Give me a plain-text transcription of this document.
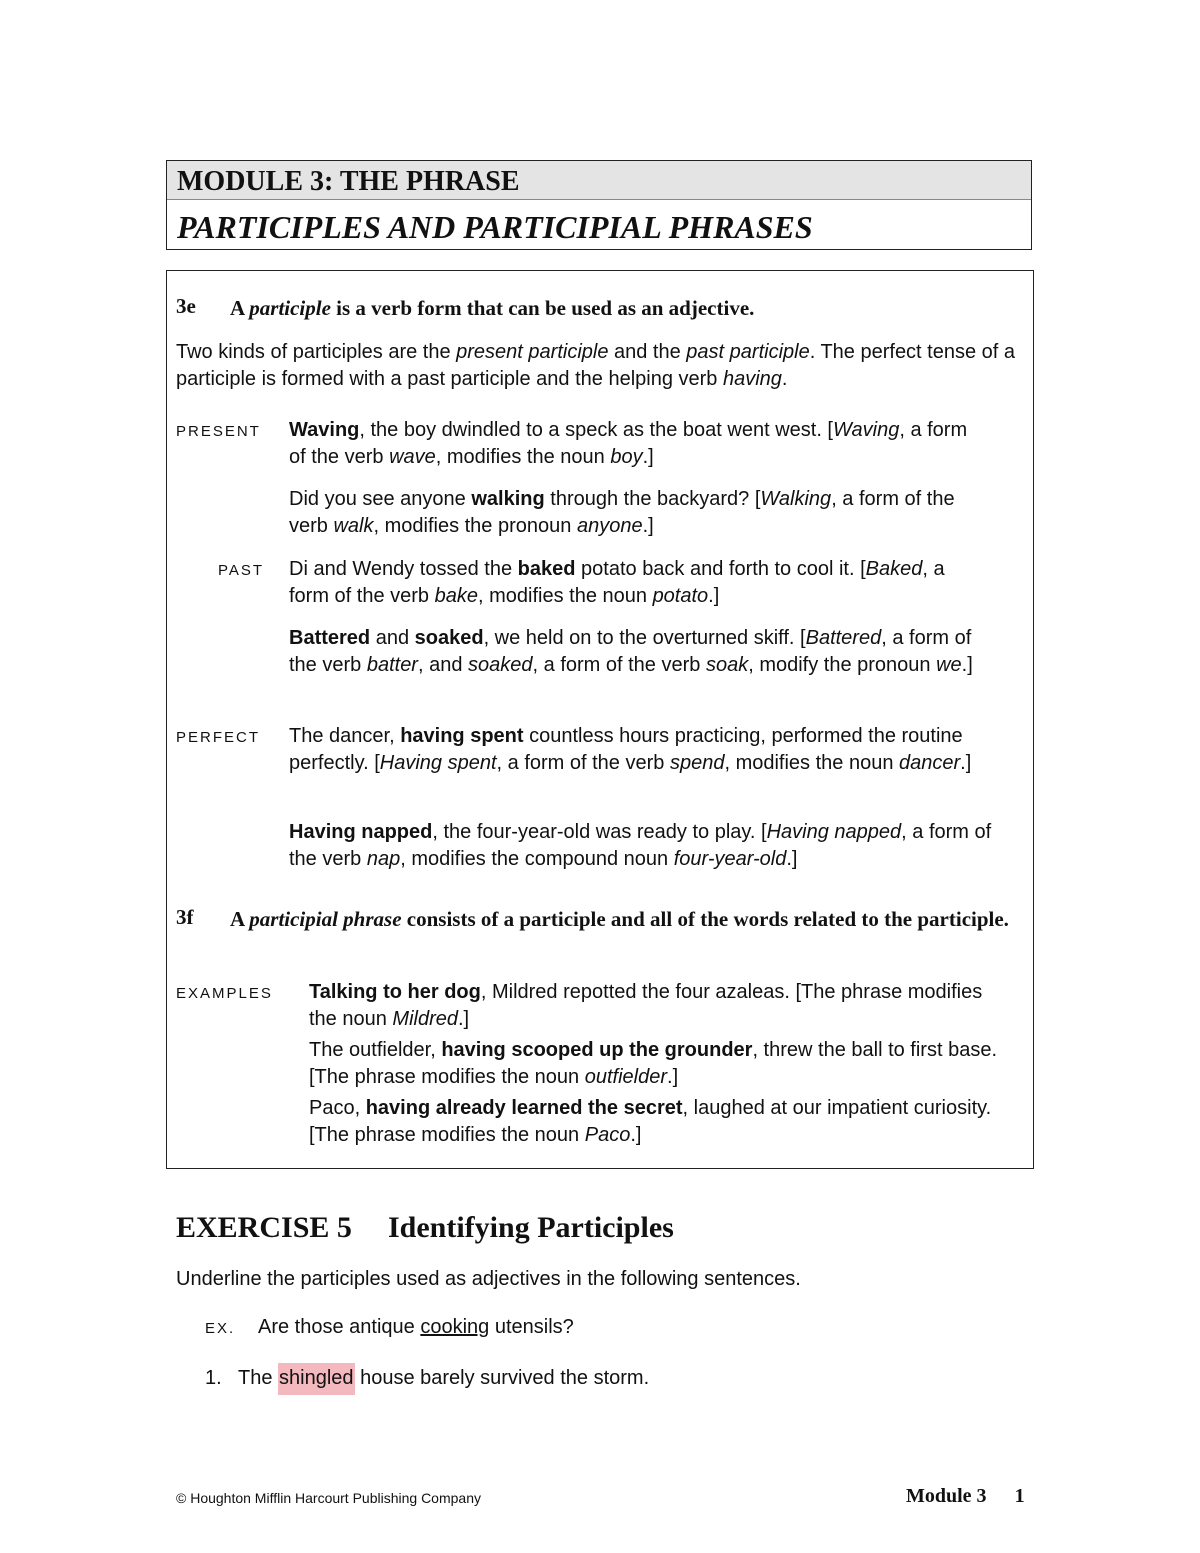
MODULE 3: THE PHRASE
PARTICIPLES AND PARTICIPIAL PHRASES
3e A participle is a verb form that can be used as an adjective.
Two kinds of participles are the present participle and the past participle. The perfect tense of a participle is formed with a past participle and the helping verb having.
PRESENT Waving, the boy dwindled to a speck as the boat went west. [Waving, a form of the verb wave, modifies the noun boy.]
Did you see anyone walking through the backyard? [Walking, a form of the verb walk, modifies the pronoun anyone.]
PAST Di and Wendy tossed the baked potato back and forth to cool it. [Baked, a form of the verb bake, modifies the noun potato.]
Battered and soaked, we held on to the overturned skiff. [Battered, a form of the verb batter, and soaked, a form of the verb soak, modify the pronoun we.]
PERFECT The dancer, having spent countless hours practicing, performed the routine perfectly. [Having spent, a form of the verb spend, modifies the noun dancer.]
Having napped, the four-year-old was ready to play. [Having napped, a form of the verb nap, modifies the compound noun four-year-old.]
3f A participial phrase consists of a participle and all of the words related to the participle.
EXAMPLES Talking to her dog, Mildred repotted the four azaleas. [The phrase modifies the noun Mildred.]
The outfielder, having scooped up the grounder, threw the ball to first base. [The phrase modifies the noun outfielder.]
Paco, having already learned the secret, laughed at our impatient curiosity. [The phrase modifies the noun Paco.]
EXERCISE 5 Identifying Participles
Underline the participles used as adjectives in the following sentences.
EX. Are those antique cooking utensils?
1. The shingled house barely survived the storm.
© Houghton Mifflin Harcourt Publishing Company	Module 3 1
